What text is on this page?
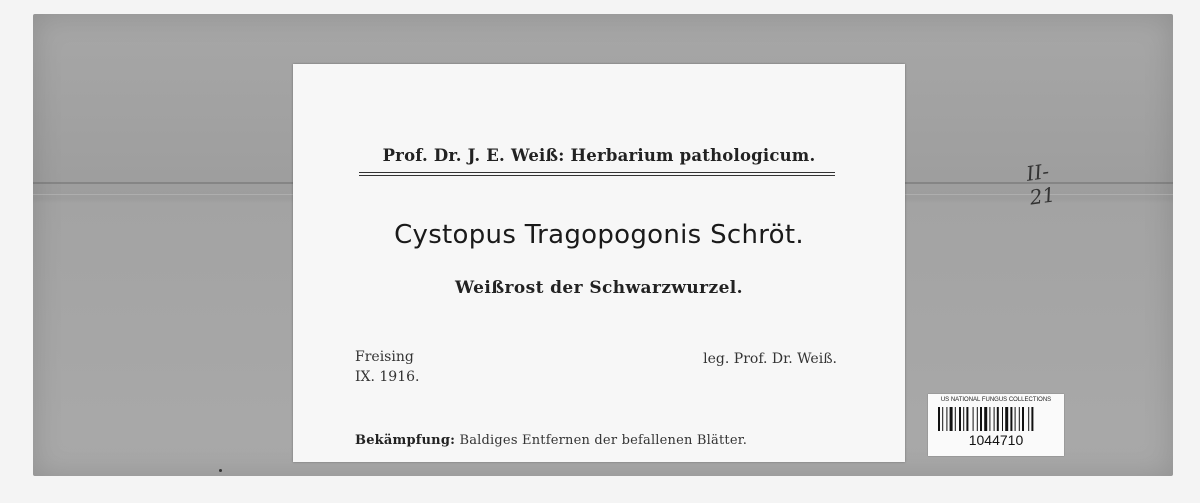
II-21
Prof. Dr. J. E. Weiß: Herbarium pathologicum.
Cystopus Tragopogonis Schröt.
Weißrost der Schwarzwurzel.
Freising
IX. 1916.
leg. Prof. Dr. Weiß.
Bekämpfung: Baldiges Entfernen der befallenen Blätter.
US NATIONAL FUNGUS COLLECTIONS
1044710
